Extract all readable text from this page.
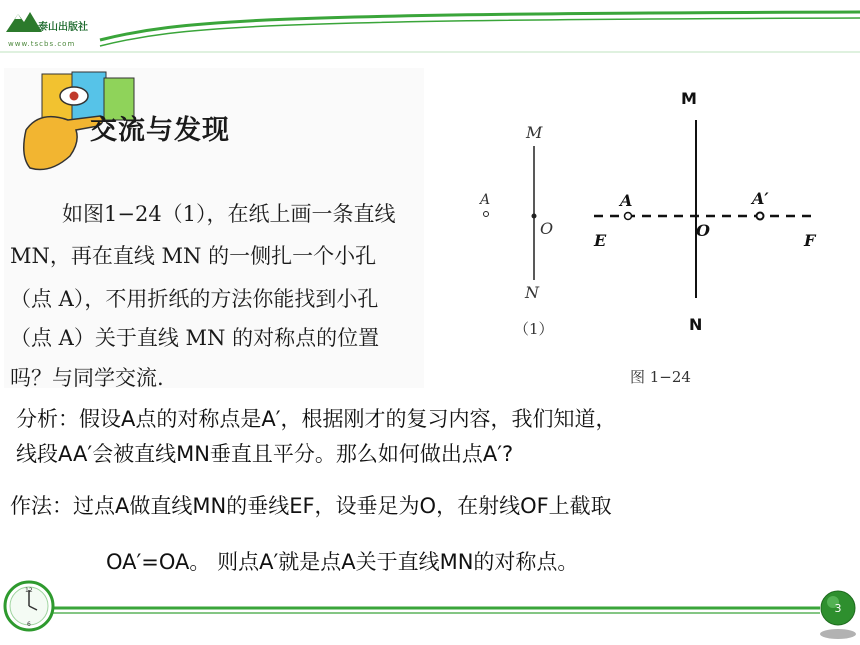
泰山出版社
www.tscbs.com
交流与发现
如图1−24（1），在纸上画一条直线
MN，再在直线 MN 的一侧扎一个小孔
（点 A），不用折纸的方法你能找到小孔
（点 A）关于直线 MN 的对称点的位置
吗？与同学交流.
M
O
N
A
（1）
M
N
A	A′
E
O
F
图 1−24
分析：假设A点的对称点是A′，根据刚才的复习内容，我们知道，
线段AA′会被直线MN垂直且平分。那么如何做出点A′?
作法：过点A做直线MN的垂线EF，设垂足为O，在射线OF上截取
OA′=OA。 则点A′就是点A关于直线MN的对称点。
12
6
3
